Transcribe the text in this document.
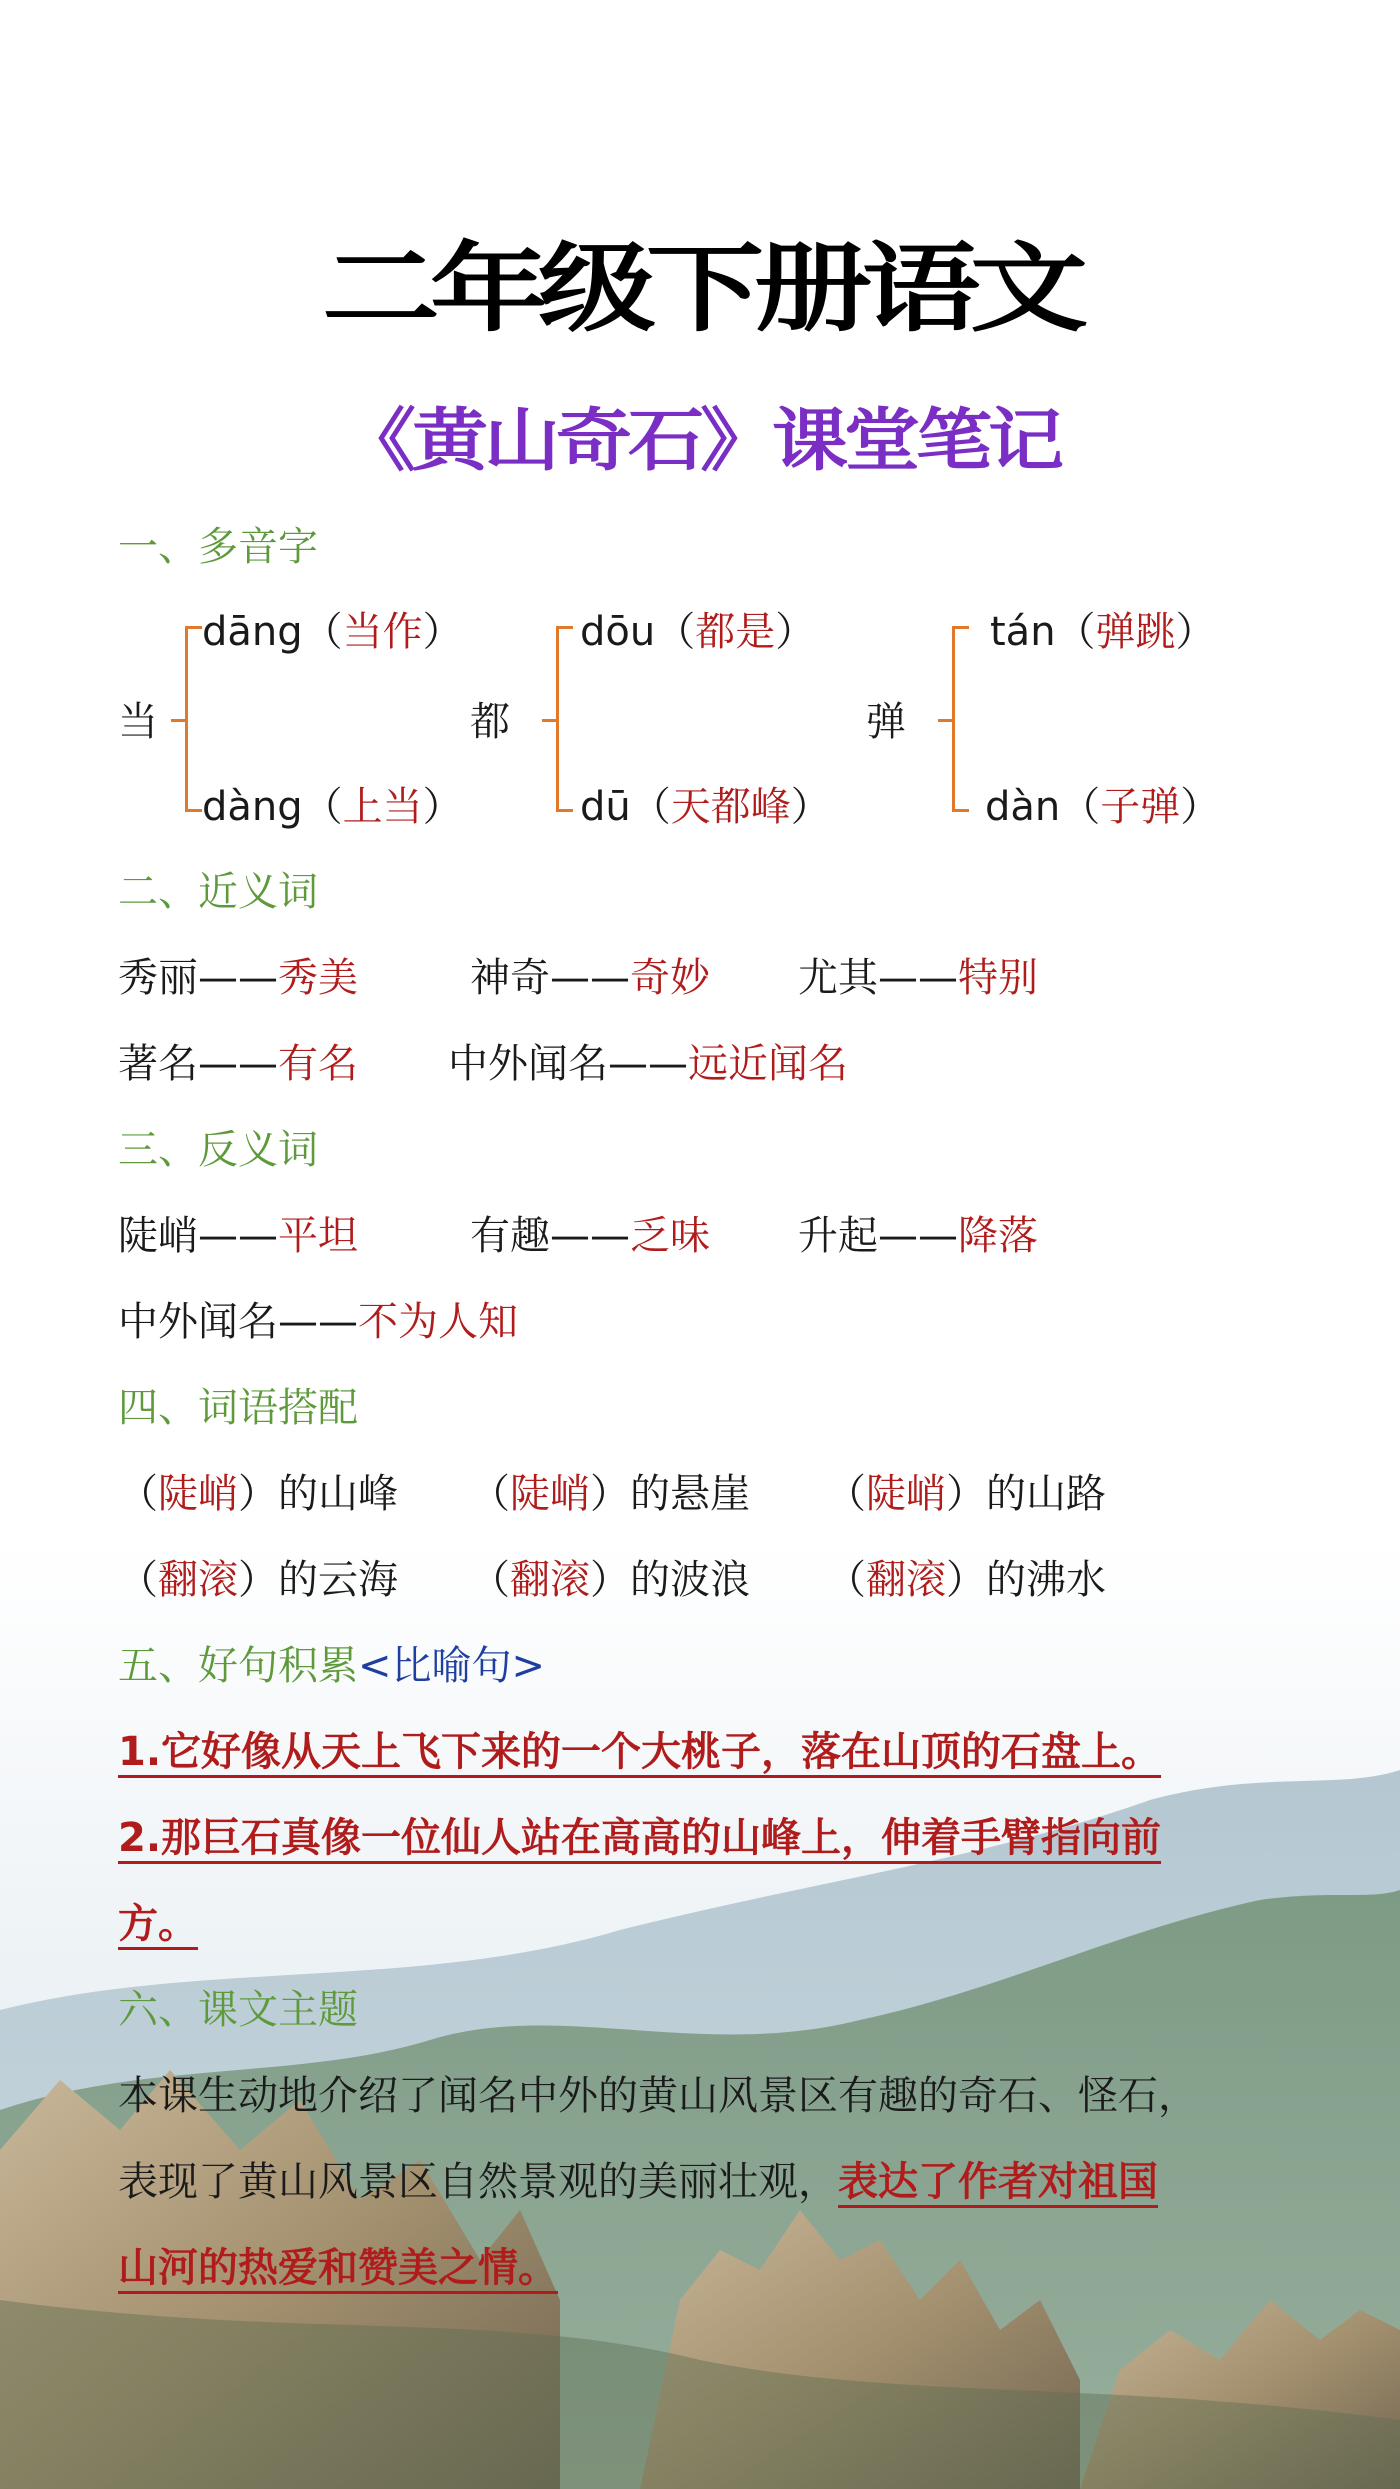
二年级下册语文
《黄山奇石》课堂笔记
一、多音字
当
dāng（当作）
dàng（上当）
都
dōu（都是）
dū（天都峰）
弹
tán（弹跳）
dàn（子弹）
二、近义词
秀丽——秀美	神奇——奇妙 尤其——特别
著名——有名 中外闻名——远近闻名
三、反义词
陡峭——平坦	有趣——乏味 升起——降落
中外闻名——不为人知
四、词语搭配
（陡峭）的山峰 （陡峭）的悬崖 （陡峭）的山路
（翻滚）的云海 （翻滚）的波浪 （翻滚）的沸水
五、好句积累<比喻句>
1.它好像从天上飞下来的一个大桃子，落在山顶的石盘上。
2.那巨石真像一位仙人站在高高的山峰上，伸着手臂指向前
方。
六、课文主题
本课生动地介绍了闻名中外的黄山风景区有趣的奇石、怪石，
表现了黄山风景区自然景观的美丽壮观，表达了作者对祖国
山河的热爱和赞美之情。
